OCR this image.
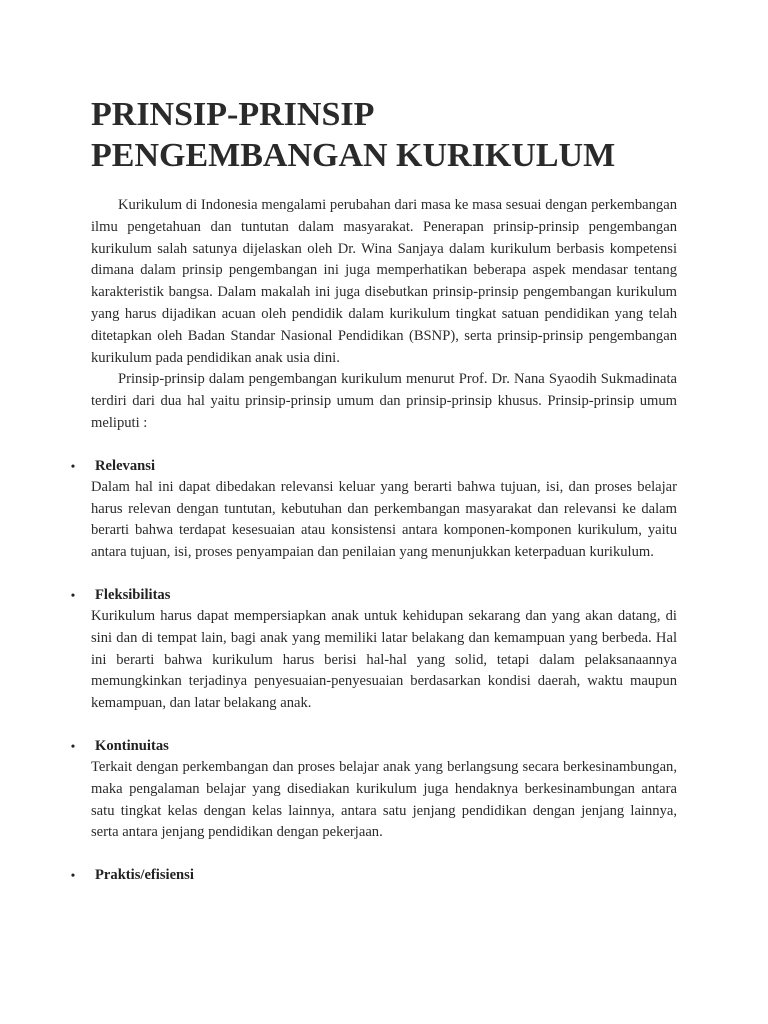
PRINSIP-PRINSIP PENGEMBANGAN KURIKULUM

Kurikulum di Indonesia mengalami perubahan dari masa ke masa sesuai dengan perkembangan ilmu pengetahuan dan tuntutan dalam masyarakat. Penerapan prinsip-prinsip pengembangan kurikulum salah satunya dijelaskan oleh Dr. Wina Sanjaya dalam kurikulum berbasis kompetensi dimana dalam prinsip pengembangan ini juga memperhatikan beberapa aspek mendasar tentang karakteristik bangsa. Dalam makalah ini juga disebutkan prinsip-prinsip pengembangan kurikulum yang harus dijadikan acuan oleh pendidik dalam kurikulum tingkat satuan pendidikan yang telah ditetapkan oleh Badan Standar Nasional Pendidikan (BSNP), serta prinsip-prinsip pengembangan kurikulum pada pendidikan anak usia dini.

Prinsip-prinsip dalam pengembangan kurikulum menurut Prof. Dr. Nana Syaodih Sukmadinata terdiri dari dua hal yaitu prinsip-prinsip umum dan prinsip-prinsip khusus. Prinsip-prinsip umum meliputi :

• Relevansi

Dalam hal ini dapat dibedakan relevansi keluar yang berarti bahwa tujuan, isi, dan proses belajar harus relevan dengan tuntutan, kebutuhan dan perkembangan masyarakat dan relevansi ke dalam berarti bahwa terdapat kesesuaian atau konsistensi antara komponen-komponen kurikulum, yaitu antara tujuan, isi, proses penyampaian dan penilaian yang menunjukkan keterpaduan kurikulum.

• Fleksibilitas

Kurikulum harus dapat mempersiapkan anak untuk kehidupan sekarang dan yang akan datang, di sini dan di tempat lain, bagi anak yang memiliki latar belakang dan kemampuan yang berbeda. Hal ini berarti bahwa kurikulum harus berisi hal-hal yang solid, tetapi dalam pelaksanaannya memungkinkan terjadinya penyesuaian-penyesuaian berdasarkan kondisi daerah, waktu maupun kemampuan, dan latar belakang anak.

• Kontinuitas

Terkait dengan perkembangan dan proses belajar anak yang berlangsung secara berkesinambungan, maka pengalaman belajar yang disediakan kurikulum juga hendaknya berkesinambungan antara satu tingkat kelas dengan kelas lainnya, antara satu jenjang pendidikan dengan jenjang lainnya, serta antara jenjang pendidikan dengan pekerjaan.

• Praktis/efisiensi
